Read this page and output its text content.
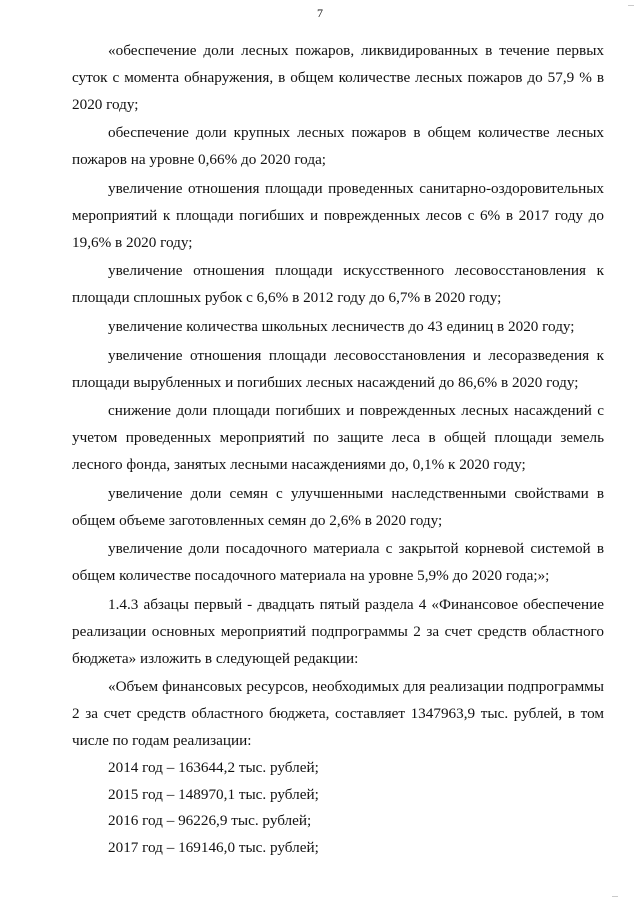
...
7

«обеспечение доли лесных пожаров, ликвидированных в течение первых суток с момента обнаружения, в общем количестве лесных пожаров до 57,9 % в 2020 году;

обеспечение доли крупных лесных пожаров в общем количестве лесных пожаров на уровне 0,66% до 2020 года;

увеличение отношения площади проведенных санитарно-оздоровительных мероприятий к площади погибших и поврежденных лесов с 6% в 2017 году до 19,6% в 2020 году;

увеличение отношения площади искусственного лесовосстановления к площади сплошных рубок с 6,6% в 2012 году до 6,7% в 2020 году;

увеличение количества школьных лесничеств до 43 единиц в 2020 году;

увеличение отношения площади лесовосстановления и лесоразведения к площади вырубленных и погибших лесных насаждений до 86,6% в 2020 году;

снижение доли площади погибших и поврежденных лесных насаждений с учетом проведенных мероприятий по защите леса в общей площади земель лесного фонда, занятых лесными насаждениями до, 0,1% к 2020 году;

увеличение доли семян с улучшенными наследственными свойствами в общем объеме заготовленных семян до 2,6% в 2020 году;

увеличение доли посадочного материала с закрытой корневой системой в общем количестве посадочного материала на уровне 5,9% до 2020 года;»;

1.4.3 абзацы первый - двадцать пятый раздела 4 «Финансовое обеспечение реализации основных мероприятий подпрограммы 2 за счет средств областного бюджета» изложить в следующей редакции:

«Объем финансовых ресурсов, необходимых для реализации подпрограммы 2 за счет средств областного бюджета, составляет 1347963,9 тыс. рублей, в том числе по годам реализации:

2014 год – 163644,2 тыс. рублей;

2015 год – 148970,1 тыс. рублей;

2016 год – 96226,9 тыс. рублей;

2017 год – 169146,0 тыс. рублей;

...
